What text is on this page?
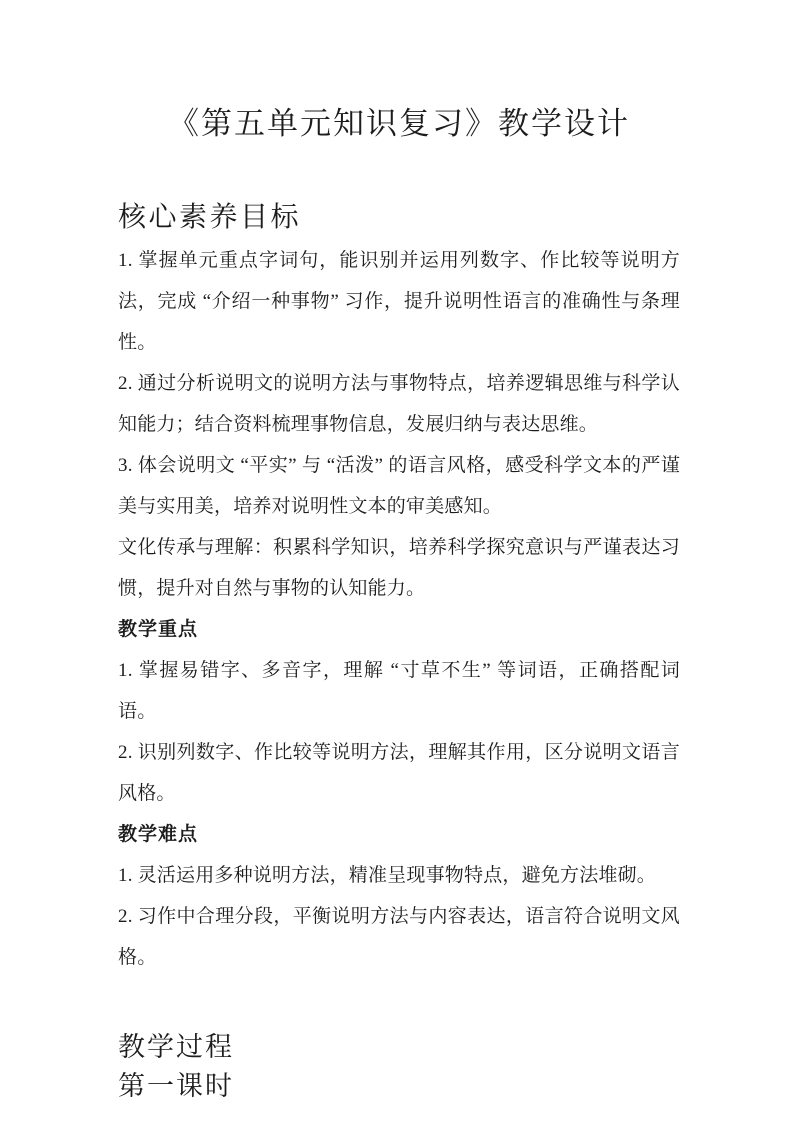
《第五单元知识复习》教学设计
核心素养目标

1. 掌握单元重点字词句，能识别并运用列数字、作比较等说明方法，完成 “介绍一种事物” 习作，提升说明性语言的准确性与条理性。

2. 通过分析说明文的说明方法与事物特点，培养逻辑思维与科学认知能力；结合资料梳理事物信息，发展归纳与表达思维。

3. 体会说明文 “平实” 与 “活泼” 的语言风格，感受科学文本的严谨美与实用美，培养对说明性文本的审美感知。

文化传承与理解：积累科学知识，培养科学探究意识与严谨表达习惯，提升对自然与事物的认知能力。

教学重点

1. 掌握易错字、多音字，理解 “寸草不生” 等词语，正确搭配词语。

2. 识别列数字、作比较等说明方法，理解其作用，区分说明文语言风格。

教学难点

1. 灵活运用多种说明方法，精准呈现事物特点，避免方法堆砌。

2. 习作中合理分段，平衡说明方法与内容表达，语言符合说明文风格。

教学过程
第一课时
